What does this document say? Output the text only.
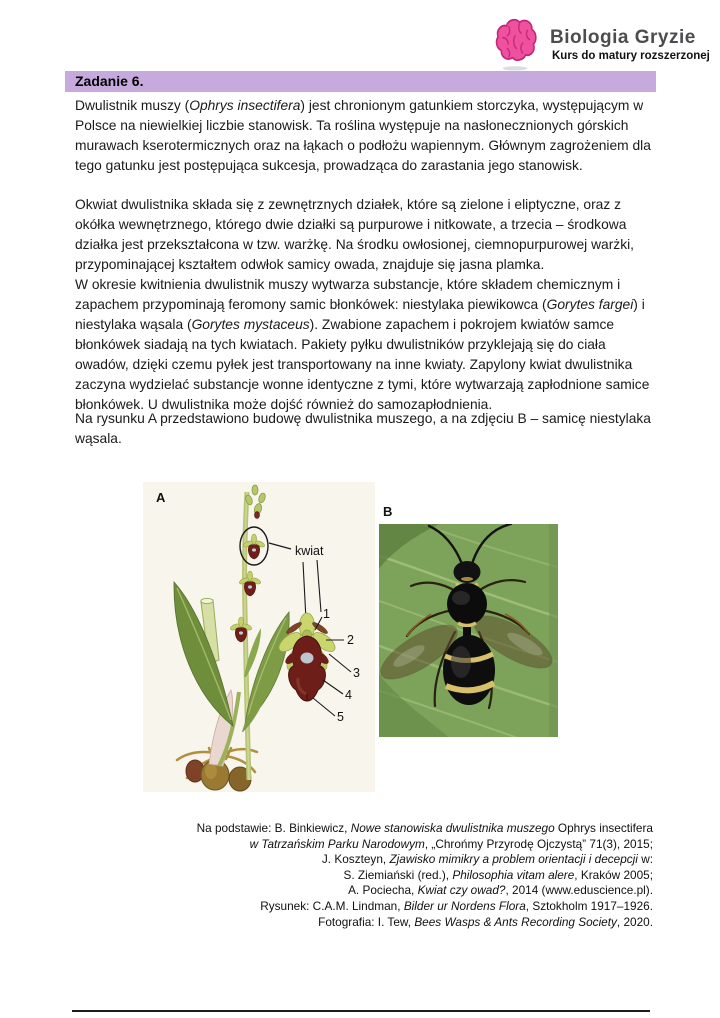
Biologia Gryzie
Kurs do matury rozszerzonej
Zadanie 6.

Dwulistnik muszy (Ophrys insectifera) jest chronionym gatunkiem storczyka, występującym w Polsce na niewielkiej liczbie stanowisk. Ta roślina występuje na nasłonecznionych górskich murawach kserotermicznych oraz na łąkach o podłożu wapiennym. Głównym zagrożeniem dla tego gatunku jest postępująca sukcesja, prowadząca do zarastania jego stanowisk.

Okwiat dwulistnika składa się z zewnętrznych działek, które są zielone i eliptyczne, oraz z okółka wewnętrznego, którego dwie działki są purpurowe i nitkowate, a trzecia – środkowa działka jest przekształcona w tzw. warżkę. Na środku owłosionej, ciemnopurpurowej warżki, przypominającej kształtem odwłok samicy owada, znajduje się jasna plamka.

W okresie kwitnienia dwulistnik muszy wytwarza substancje, które składem chemicznym i zapachem przypominają feromony samic błonkówek: niestylaka piewikowca (Gorytes fargei) i niestylaka wąsala (Gorytes mystaceus). Zwabione zapachem i pokrojem kwiatów samce błonkówek siadają na tych kwiatach. Pakiety pyłku dwulistników przyklejają się do ciała owadów, dzięki czemu pyłek jest transportowany na inne kwiaty. Zapylony kwiat dwulistnika zaczyna wydzielać substancje wonne identyczne z tymi, które wytwarzają zapłodnione samice błonkówek. U dwulistnika może dojść również do samozapłodnienia.

Na rysunku A przedstawiono budowę dwulistnika muszego, a na zdjęciu B – samicę niestylaka wąsala.

kwiat
1
2
3
4
5
A
B
Na podstawie: B. Binkiewicz, Nowe stanowiska dwulistnika muszego Ophrys insectifera
w Tatrzańskim Parku Narodowym, „Chrońmy Przyrodę Ojczystą” 71(3), 2015;
J. Koszteyn, Zjawisko mimikry a problem orientacji i decepcji w:
S. Ziemiański (red.), Philosophia vitam alere, Kraków 2005;
A. Pociecha, Kwiat czy owad?, 2014 (www.eduscience.pl).
Rysunek: C.A.M. Lindman, Bilder ur Nordens Flora, Sztokholm 1917–1926.
Fotografia: I. Tew, Bees Wasps & Ants Recording Society, 2020.
